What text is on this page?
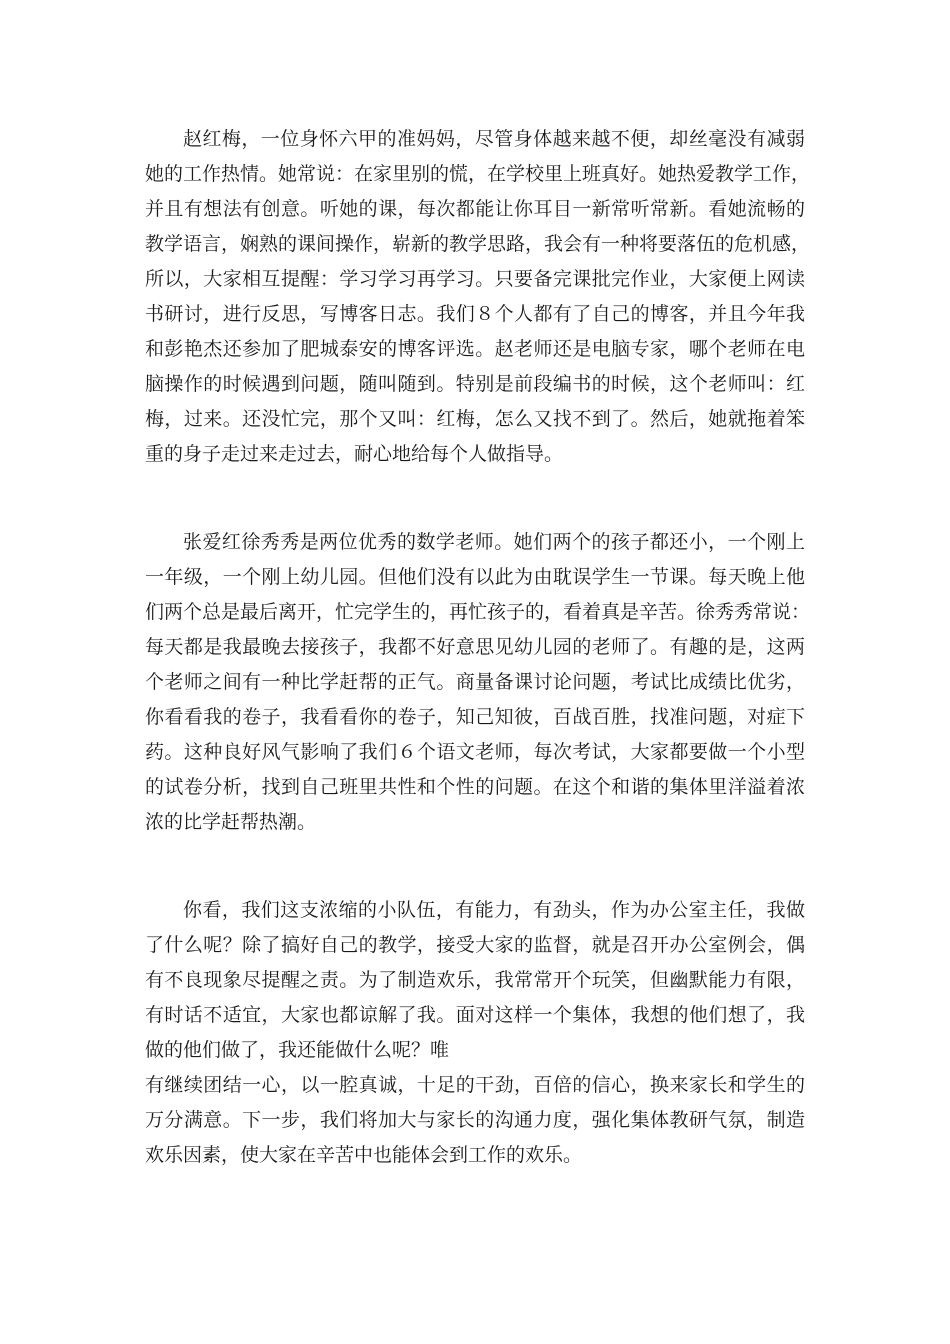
赵红梅，一位身怀六甲的准妈妈，尽管身体越来越不便，却丝毫没有减弱
她的工作热情。她常说：在家里别的慌，在学校里上班真好。她热爱教学工作，
并且有想法有创意。听她的课，每次都能让你耳目一新常听常新。看她流畅的
教学语言，娴熟的课间操作，崭新的教学思路，我会有一种将要落伍的危机感，
所以，大家相互提醒：学习学习再学习。只要备完课批完作业，大家便上网读
书研讨，进行反思，写博客日志。我们８个人都有了自己的博客，并且今年我
和彭艳杰还参加了肥城泰安的博客评选。赵老师还是电脑专家，哪个老师在电
脑操作的时候遇到问题，随叫随到。特别是前段编书的时候，这个老师叫：红
梅，过来。还没忙完，那个又叫：红梅，怎么又找不到了。然后，她就拖着笨
重的身子走过来走过去，耐心地给每个人做指导。
张爱红徐秀秀是两位优秀的数学老师。她们两个的孩子都还小，一个刚上
一年级，一个刚上幼儿园。但他们没有以此为由耽误学生一节课。每天晚上他
们两个总是最后离开，忙完学生的，再忙孩子的，看着真是辛苦。徐秀秀常说：
每天都是我最晚去接孩子，我都不好意思见幼儿园的老师了。有趣的是，这两
个老师之间有一种比学赶帮的正气。商量备课讨论问题，考试比成绩比优劣，
你看看我的卷子，我看看你的卷子，知己知彼，百战百胜，找准问题，对症下
药。这种良好风气影响了我们６个语文老师，每次考试，大家都要做一个小型
的试卷分析，找到自己班里共性和个性的问题。在这个和谐的集体里洋溢着浓
浓的比学赶帮热潮。
你看，我们这支浓缩的小队伍，有能力，有劲头，作为办公室主任，我做
了什么呢？除了搞好自己的教学，接受大家的监督，就是召开办公室例会，偶
有不良现象尽提醒之责。为了制造欢乐，我常常开个玩笑，但幽默能力有限，
有时话不适宜，大家也都谅解了我。面对这样一个集体，我想的他们想了，我
做的他们做了，我还能做什么呢？唯
有继续团结一心，以一腔真诚，十足的干劲，百倍的信心，换来家长和学生的
万分满意。下一步，我们将加大与家长的沟通力度，强化集体教研气氛，制造
欢乐因素，使大家在辛苦中也能体会到工作的欢乐。
